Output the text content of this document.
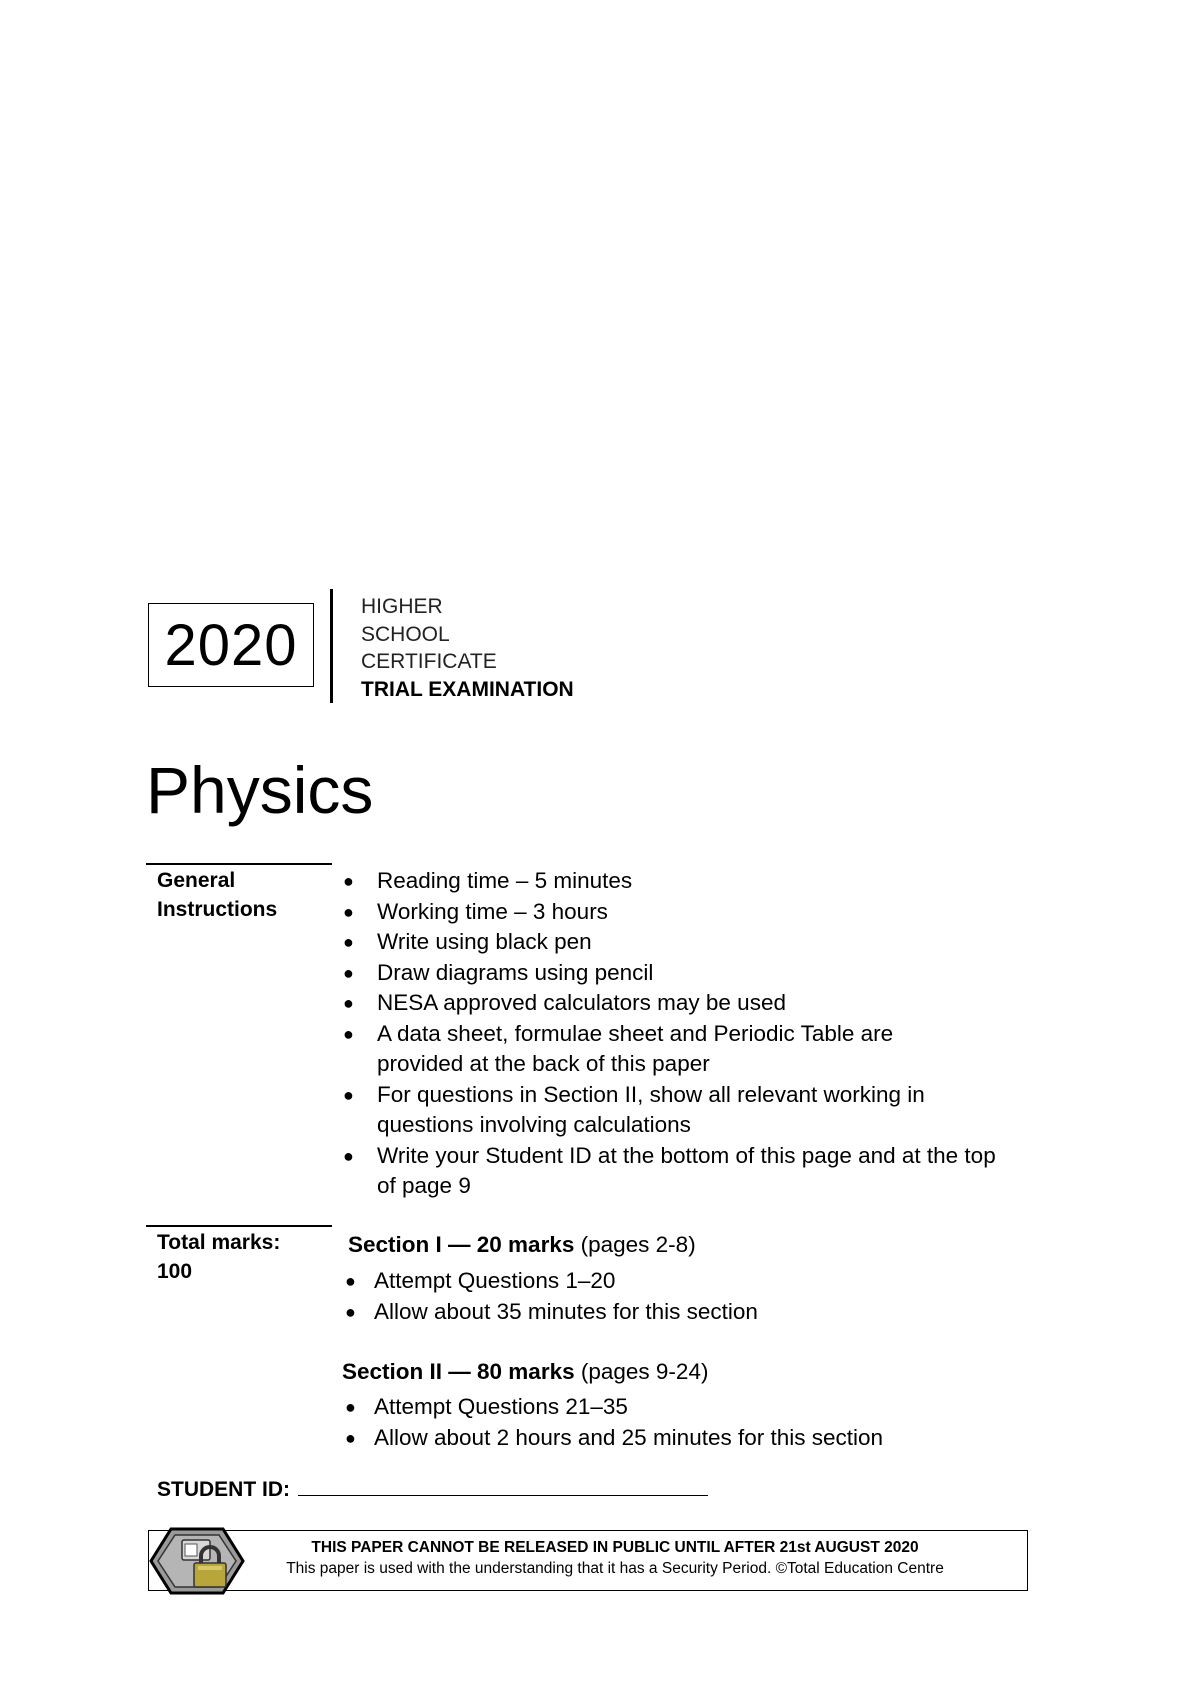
2020
HIGHER
SCHOOL
CERTIFICATE
TRIAL EXAMINATION
Physics
General
Instructions
● Reading time – 5 minutes
● Working time – 3 hours
● Write using black pen
● Draw diagrams using pencil
● NESA approved calculators may be used
● A data sheet, formulae sheet and Periodic Table are provided at the back of this paper
● For questions in Section II, show all relevant working in questions involving calculations
● Write your Student ID at the bottom of this page and at the top of page 9
Total marks:
100
Section I — 20 marks (pages 2-8)
● Attempt Questions 1–20
● Allow about 35 minutes for this section
Section II — 80 marks (pages 9-24)
● Attempt Questions 21–35
● Allow about 2 hours and 25 minutes for this section
STUDENT ID:
THIS PAPER CANNOT BE RELEASED IN PUBLIC UNTIL AFTER 21st AUGUST 2020
This paper is used with the understanding that it has a Security Period. ©Total Education Centre
